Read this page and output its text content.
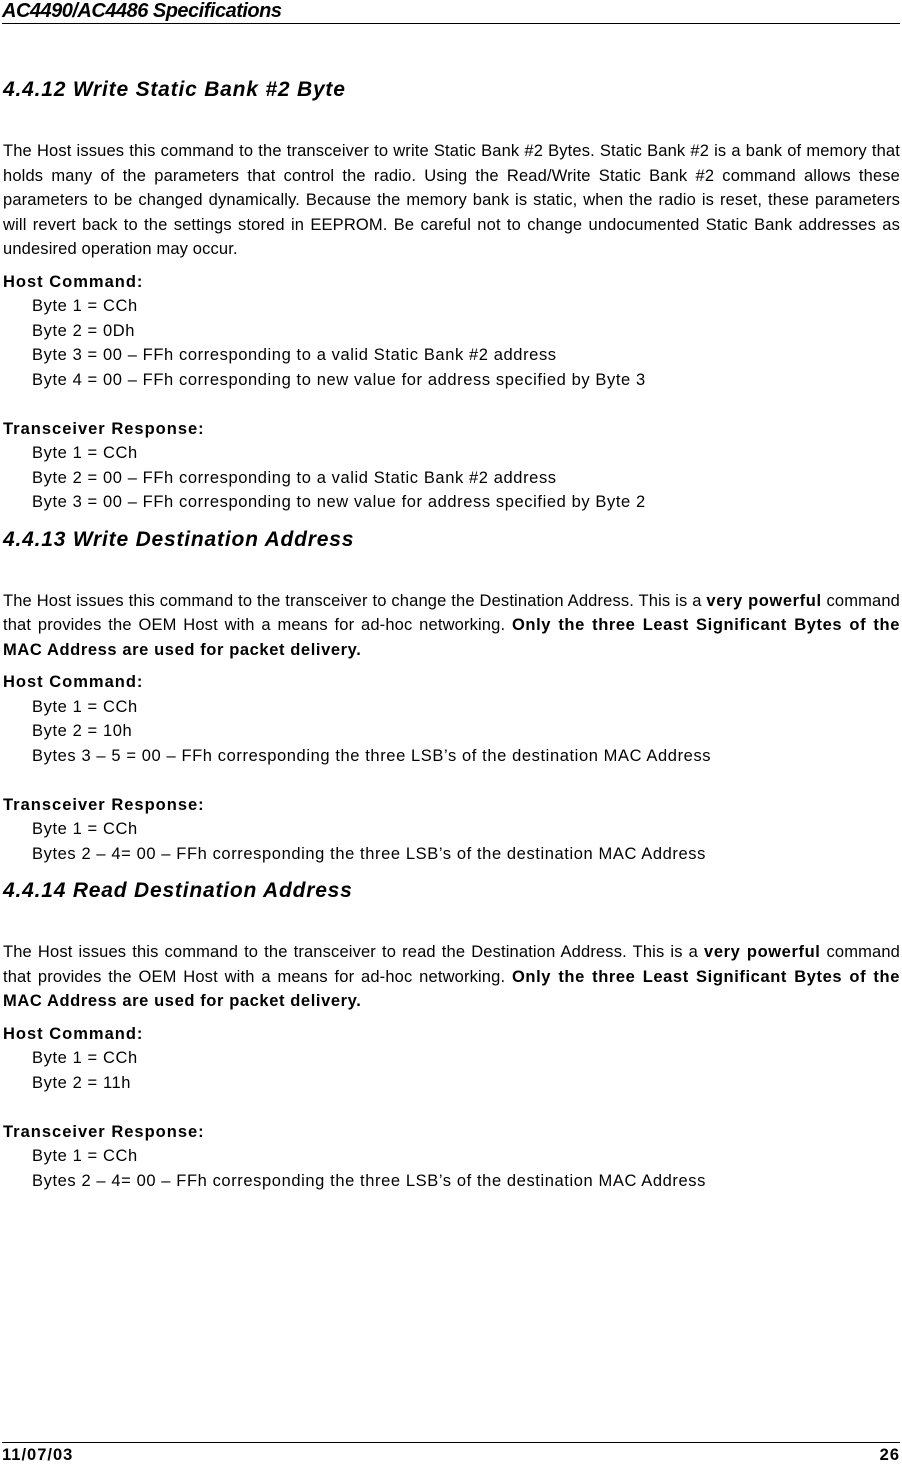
AC4490/AC4486 Specifications
4.4.12 Write Static Bank #2 Byte

The Host issues this command to the transceiver to write Static Bank #2 Bytes. Static Bank #2 is a bank of memory that holds many of the parameters that control the radio. Using the Read/Write Static Bank #2 command allows these parameters to be changed dynamically. Because the memory bank is static, when the radio is reset, these parameters will revert back to the settings stored in EEPROM. Be careful not to change undocumented Static Bank addresses as undesired operation may occur.

Host Command:
Byte 1 = CCh
Byte 2 = 0Dh
Byte 3 = 00 – FFh corresponding to a valid Static Bank #2 address
Byte 4 = 00 – FFh corresponding to new value for address specified by Byte 3
Transceiver Response:
Byte 1 = CCh
Byte 2 = 00 – FFh corresponding to a valid Static Bank #2 address
Byte 3 = 00 – FFh corresponding to new value for address specified by Byte 2
4.4.13 Write Destination Address

The Host issues this command to the transceiver to change the Destination Address. This is a very powerful command that provides the OEM Host with a means for ad-hoc networking. Only the three Least Significant Bytes of the MAC Address are used for packet delivery.

Host Command:
Byte 1 = CCh
Byte 2 = 10h
Bytes 3 – 5 = 00 – FFh corresponding the three LSB’s of the destination MAC Address
Transceiver Response:
Byte 1 = CCh
Bytes 2 – 4= 00 – FFh corresponding the three LSB’s of the destination MAC Address
4.4.14 Read Destination Address

The Host issues this command to the transceiver to read the Destination Address. This is a very powerful command that provides the OEM Host with a means for ad-hoc networking. Only the three Least Significant Bytes of the MAC Address are used for packet delivery.

Host Command:
Byte 1 = CCh
Byte 2 = 11h
Transceiver Response:
Byte 1 = CCh
Bytes 2 – 4= 00 – FFh corresponding the three LSB’s of the destination MAC Address
11/07/03	26
